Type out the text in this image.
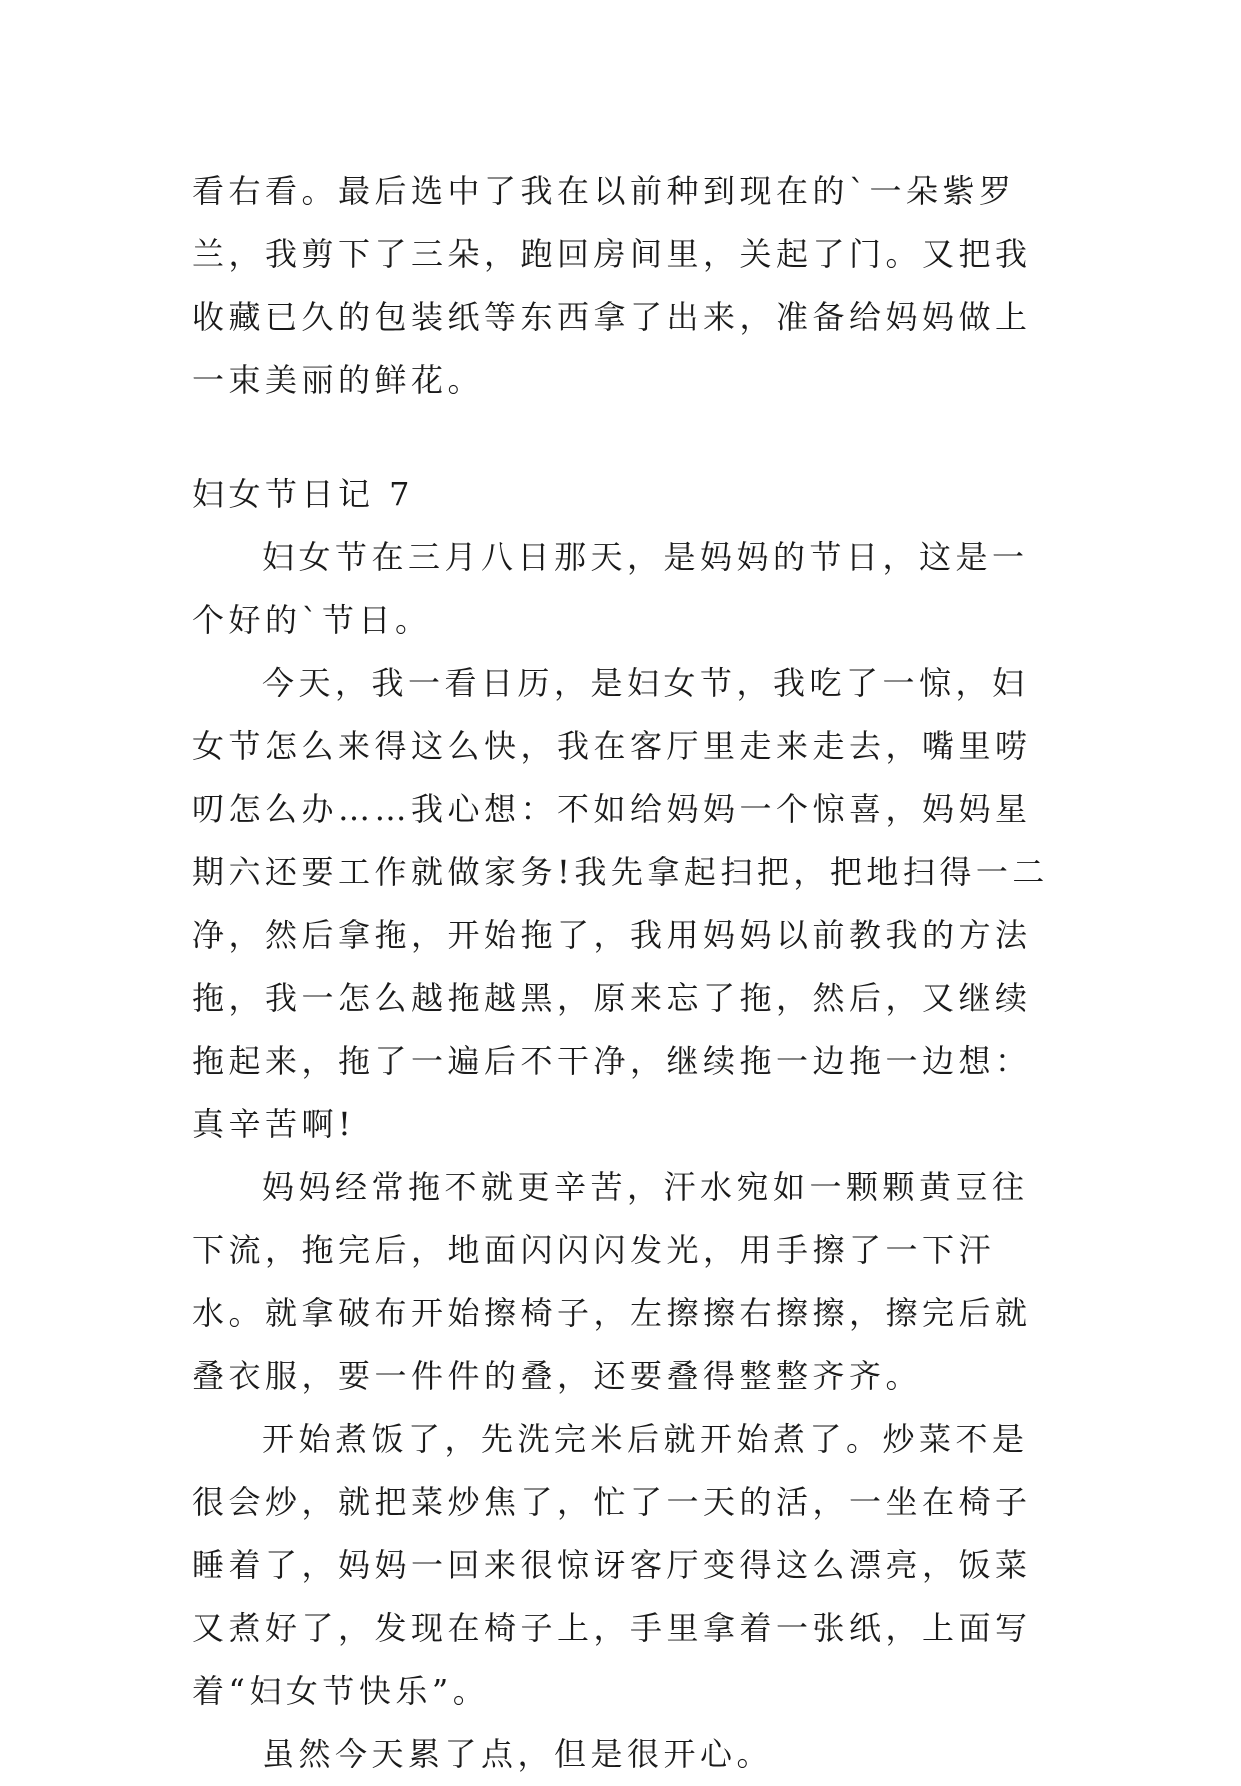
看右看。最后选中了我在以前种到现在的`一朵紫罗兰，我剪下了三朵，跑回房间里，关起了门。又把我收藏已久的包装纸等东西拿了出来，准备给妈妈做上一束美丽的鲜花。

妇女节日记 7

妇女节在三月八日那天，是妈妈的节日，这是一个好的`节日。

今天，我一看日历，是妇女节，我吃了一惊，妇女节怎么来得这么快，我在客厅里走来走去，嘴里唠叨怎么办……我心想：不如给妈妈一个惊喜，妈妈星期六还要工作就做家务!我先拿起扫把，把地扫得一二净，然后拿拖，开始拖了，我用妈妈以前教我的方法拖，我一怎么越拖越黑，原来忘了拖，然后，又继续拖起来，拖了一遍后不干净，继续拖一边拖一边想：真辛苦啊!

妈妈经常拖不就更辛苦，汗水宛如一颗颗黄豆往下流，拖完后，地面闪闪闪发光，用手擦了一下汗水。就拿破布开始擦椅子，左擦擦右擦擦，擦完后就叠衣服，要一件件的叠，还要叠得整整齐齐。

开始煮饭了，先洗完米后就开始煮了。炒菜不是很会炒，就把菜炒焦了，忙了一天的活，一坐在椅子睡着了，妈妈一回来很惊讶客厅变得这么漂亮，饭菜又煮好了，发现在椅子上，手里拿着一张纸，上面写着“妇女节快乐”。

虽然今天累了点，但是很开心。
